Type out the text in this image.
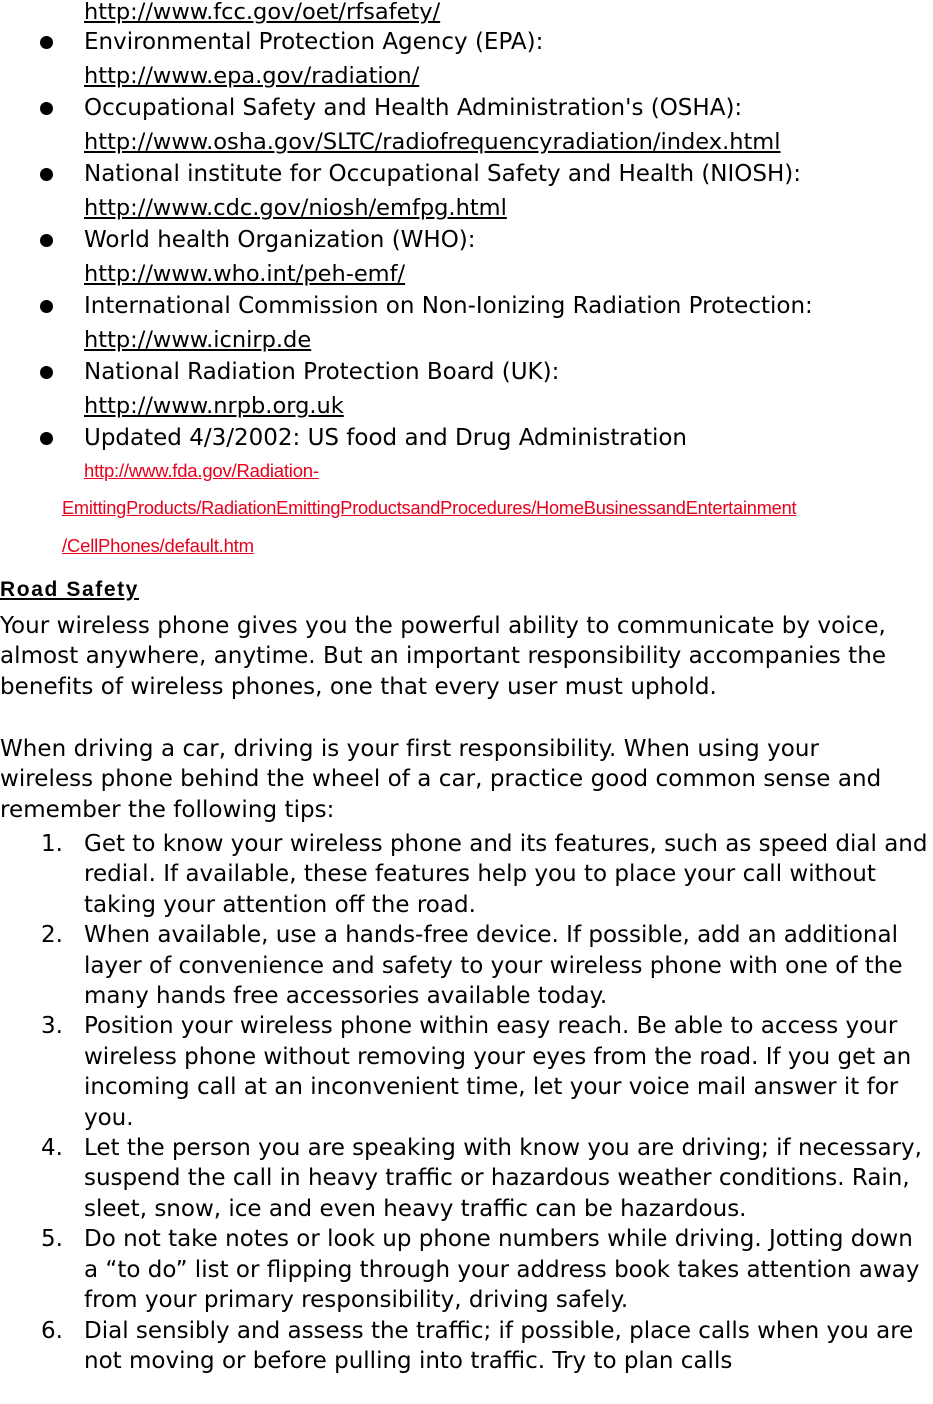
http://www.fcc.gov/oet/rfsafety/
Environmental Protection Agency (EPA):
http://www.epa.gov/radiation/
Occupational Safety and Health Administration's (OSHA):
http://www.osha.gov/SLTC/radiofrequencyradiation/index.html
National institute for Occupational Safety and Health (NIOSH):
http://www.cdc.gov/niosh/emfpg.html
World health Organization (WHO):
http://www.who.int/peh-emf/
International Commission on Non-Ionizing Radiation Protection:
http://www.icnirp.de
National Radiation Protection Board (UK):
http://www.nrpb.org.uk
Updated 4/3/2002: US food and Drug Administration
http://www.fda.gov/Radiation-
EmittingProducts/RadiationEmittingProductsandProcedures/HomeBusinessandEntertainment
/CellPhones/default.htm
Road Safety

Your wireless phone gives you the powerful ability to communicate by voice, almost anywhere, anytime. But an important responsibility accompanies the benefits of wireless phones, one that every user must uphold.

When driving a car, driving is your first responsibility. When using your wireless phone behind the wheel of a car, practice good common sense and remember the following tips:

1. Get to know your wireless phone and its features, such as speed dial and redial. If available, these features help you to place your call without taking your attention off the road.

2. When available, use a hands-free device. If possible, add an additional layer of convenience and safety to your wireless phone with one of the many hands free accessories available today.

3. Position your wireless phone within easy reach. Be able to access your wireless phone without removing your eyes from the road. If you get an incoming call at an inconvenient time, let your voice mail answer it for you.

4. Let the person you are speaking with know you are driving; if necessary, suspend the call in heavy traffic or hazardous weather conditions. Rain, sleet, snow, ice and even heavy traffic can be hazardous.

5. Do not take notes or look up phone numbers while driving. Jotting down a “to do” list or flipping through your address book takes attention away from your primary responsibility, driving safely.

6. Dial sensibly and assess the traffic; if possible, place calls when you are not moving or before pulling into traffic. Try to plan calls
